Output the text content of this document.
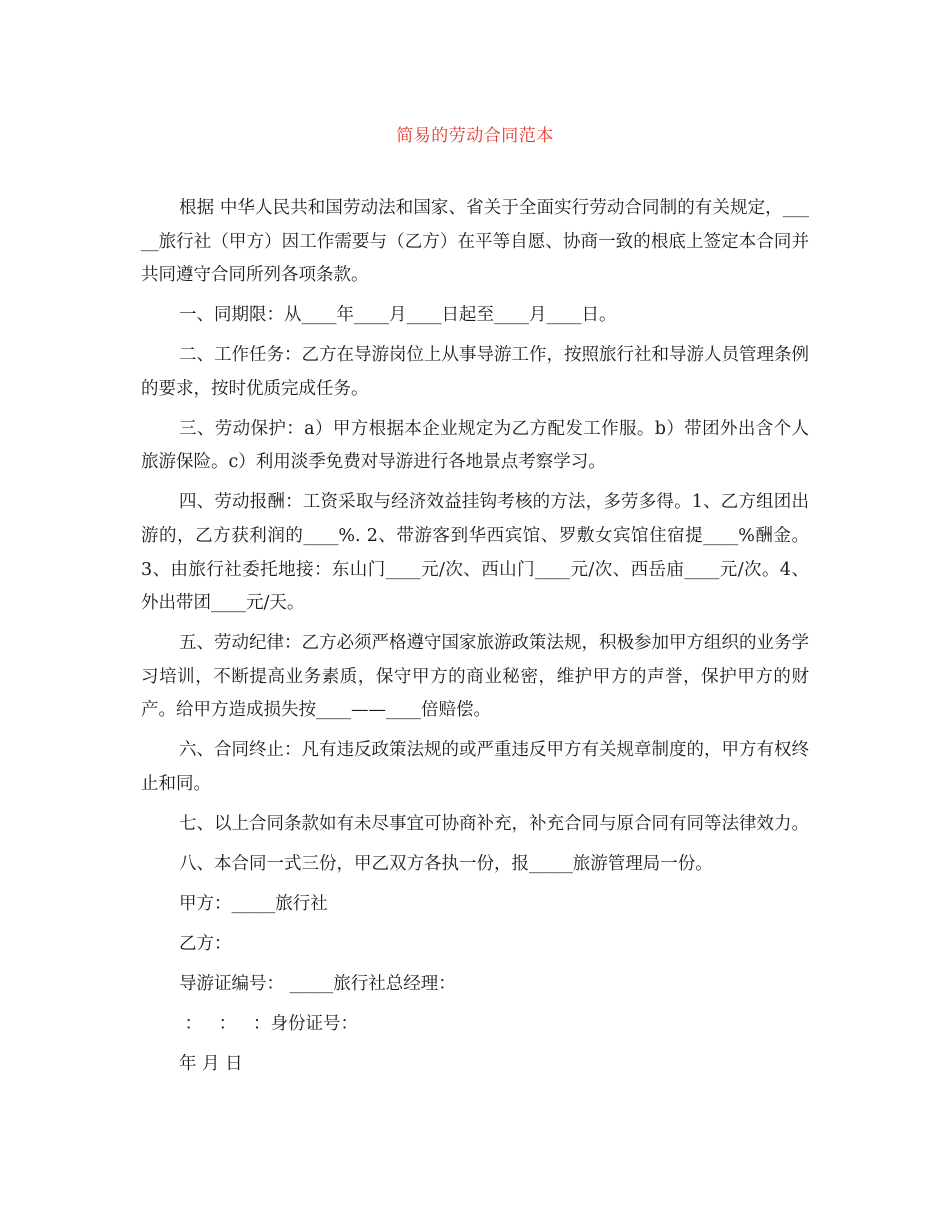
简易的劳动合同范本

根据 中华人民共和国劳动法和国家、省关于全面实行劳动合同制的有关规定，_____旅行社（甲方）因工作需要与（乙方）在平等自愿、协商一致的根底上签定本合同并共同遵守合同所列各项条款。

一、同期限：从____年____月____日起至____月____日。

二、工作任务：乙方在导游岗位上从事导游工作，按照旅行社和导游人员管理条例的要求，按时优质完成任务。

三、劳动保护：a）甲方根据本企业规定为乙方配发工作服。b）带团外出含个人旅游保险。c）利用淡季免费对导游进行各地景点考察学习。

四、劳动报酬：工资采取与经济效益挂钩考核的方法，多劳多得。1、乙方组团出游的，乙方获利润的____%. 2、带游客到华西宾馆、罗敷女宾馆住宿提____%酬金。3、由旅行社委托地接：东山门____元/次、西山门____元/次、西岳庙____元/次。4、外出带团____元/天。

五、劳动纪律：乙方必须严格遵守国家旅游政策法规，积极参加甲方组织的业务学习培训，不断提高业务素质，保守甲方的商业秘密，维护甲方的声誉，保护甲方的财产。给甲方造成损失按____——____倍赔偿。

六、合同终止：凡有违反政策法规的或严重违反甲方有关规章制度的，甲方有权终止和同。

七、以上合同条款如有未尽事宜可协商补充，补充合同与原合同有同等法律效力。

八、本合同一式三份，甲乙双方各执一份，报_____旅游管理局一份。

甲方：_____旅行社
乙方：
导游证编号： _____旅行社总经理：
：   ：   ：身份证号：
年 月 日
